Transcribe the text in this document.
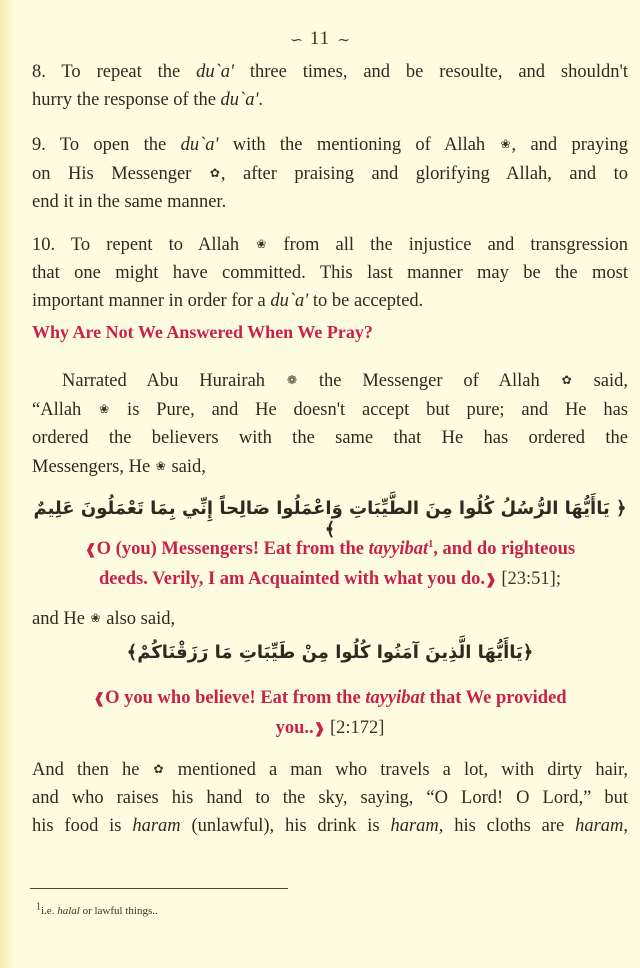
∽ 11 ∽
8. To repeat the du`a' three times, and be resoulte, and shouldn't
hurry the response of the du`a'.
9. To open the du`a' with the mentioning of Allah ❀, and praying
on His Messenger ✿, after praising and glorifying Allah, and to
end it in the same manner.
10. To repent to Allah ❀ from all the injustice and transgression
that one might have committed. This last manner may be the most
important manner in order for a du`a' to be accepted.
Why Are Not We Answered When We Pray?
Narrated Abu Hurairah ❁ the Messenger of Allah ✿ said,
“Allah ❀ is Pure, and He doesn't accept but pure; and He has
ordered the believers with the same that He has ordered the
Messengers, He ❀ said,
﴿ يَاأَيُّهَا الرُّسُلُ كُلُوا مِنَ الطَّيِّبَاتِ وَاعْمَلُوا صَالِحاً إِنِّي بِمَا تَعْمَلُونَ عَلِيمٌ ﴾
❰O (you) Messengers! Eat from the tayyibat$^1$, and do righteous
deeds. Verily, I am Acquainted with what you do.❱ [23:51];
and He ❀ also said,
﴿يَاأَيُّهَا الَّذِينَ آمَنُوا كُلُوا مِنْ طَيِّبَاتِ مَا رَزَقْنَاكُمْ﴾
❰O you who believe! Eat from the tayyibat that We provided
you..❱ [2:172]
And then he ✿ mentioned a man who travels a lot, with dirty hair,
and who raises his hand to the sky, saying, “O Lord! O Lord,” but
his food is haram (unlawful), his drink is haram, his cloths are haram,
$^1$i.e. halal or lawful things..
